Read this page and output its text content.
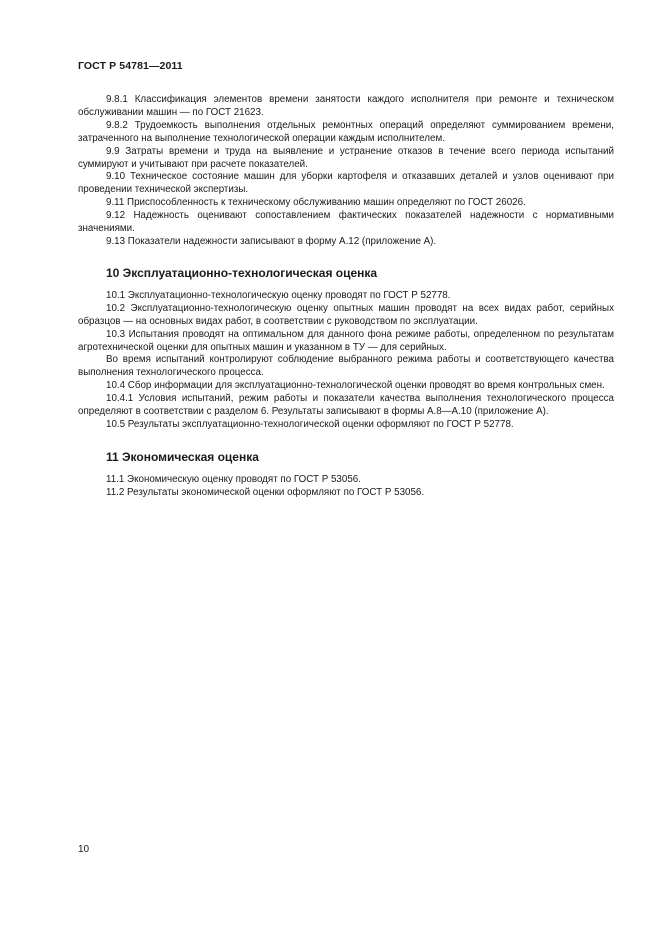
ГОСТ Р 54781—2011

9.8.1 Классификация элементов времени занятости каждого исполнителя при ремонте и техническом обслуживании машин — по ГОСТ 21623.

9.8.2 Трудоемкость выполнения отдельных ремонтных операций определяют суммированием времени, затраченного на выполнение технологической операции каждым исполнителем.

9.9 Затраты времени и труда на выявление и устранение отказов в течение всего периода испытаний суммируют и учитывают при расчете показателей.

9.10 Техническое состояние машин для уборки картофеля и отказавших деталей и узлов оценивают при проведении технической экспертизы.

9.11 Приспособленность к техническому обслуживанию машин определяют по ГОСТ 26026.

9.12 Надежность оценивают сопоставлением фактических показателей надежности с нормативными значениями.

9.13 Показатели надежности записывают в форму А.12 (приложение А).

10 Эксплуатационно-технологическая оценка

10.1 Эксплуатационно-технологическую оценку проводят по ГОСТ Р 52778.

10.2 Эксплуатационно-технологическую оценку опытных машин проводят на всех видах работ, серийных образцов — на основных видах работ, в соответствии с руководством по эксплуатации.

10.3 Испытания проводят на оптимальном для данного фона режиме работы, определенном по результатам агротехнической оценки для опытных машин и указанном в ТУ — для серийных.

Во время испытаний контролируют соблюдение выбранного режима работы и соответствующего качества выполнения технологического процесса.

10.4 Сбор информации для эксплуатационно-технологической оценки проводят во время контрольных смен.

10.4.1 Условия испытаний, режим работы и показатели качества выполнения технологического процесса определяют в соответствии с разделом 6. Результаты записывают в формы А.8—А.10 (приложение А).

10.5 Результаты эксплуатационно-технологической оценки оформляют по ГОСТ Р 52778.

11 Экономическая оценка

11.1 Экономическую оценку проводят по ГОСТ Р 53056.

11.2 Результаты экономической оценки оформляют по ГОСТ Р 53056.

10
